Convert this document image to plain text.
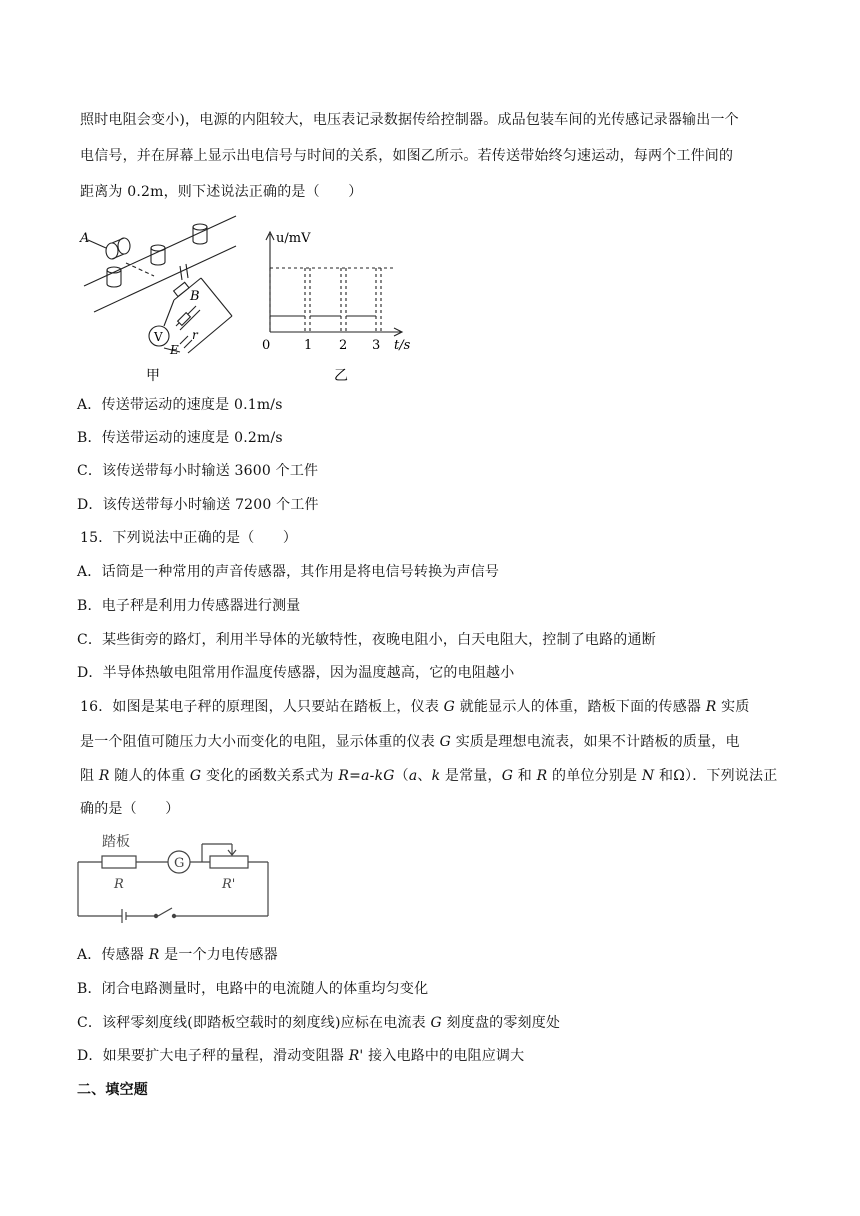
照时电阻会变小)，电源的内阻较大，电压表记录数据传给控制器。成品包装车间的光传感记录器输出一个
电信号，并在屏幕上显示出电信号与时间的关系，如图乙所示。若传送带始终匀速运动，每两个工件间的
距离为 0.2m，则下述说法正确的是（　　）
A
B
V r
E
甲
u/mV
0	1 2 3 t/s
乙
A．传送带运动的速度是 0.1m/s
B．传送带运动的速度是 0.2m/s
C．该传送带每小时输送 3600 个工件
D．该传送带每小时输送 7200 个工件
15．下列说法中正确的是（　　）
A．话筒是一种常用的声音传感器，其作用是将电信号转换为声信号
B．电子秤是利用力传感器进行测量
C．某些街旁的路灯，利用半导体的光敏特性，夜晚电阻小，白天电阻大，控制了电路的通断
D．半导体热敏电阻常用作温度传感器，因为温度越高，它的电阻越小
16．如图是某电子秤的原理图，人只要站在踏板上，仪表 G 就能显示人的体重，踏板下面的传感器 R 实质
是一个阻值可随压力大小而变化的电阻，显示体重的仪表 G 实质是理想电流表，如果不计踏板的质量，电
阻 R 随人的体重 G 变化的函数关系式为 R=a-kG（a、k 是常量，G 和 R 的单位分别是 N 和Ω）．下列说法正
确的是（　　）
踏板
R
G
R'
A．传感器 R 是一个力电传感器
B．闭合电路测量时，电路中的电流随人的体重均匀变化
C．该秤零刻度线(即踏板空载时的刻度线)应标在电流表 G 刻度盘的零刻度处
D．如果要扩大电子秤的量程，滑动变阻器 R' 接入电路中的电阻应调大
二、填空题
